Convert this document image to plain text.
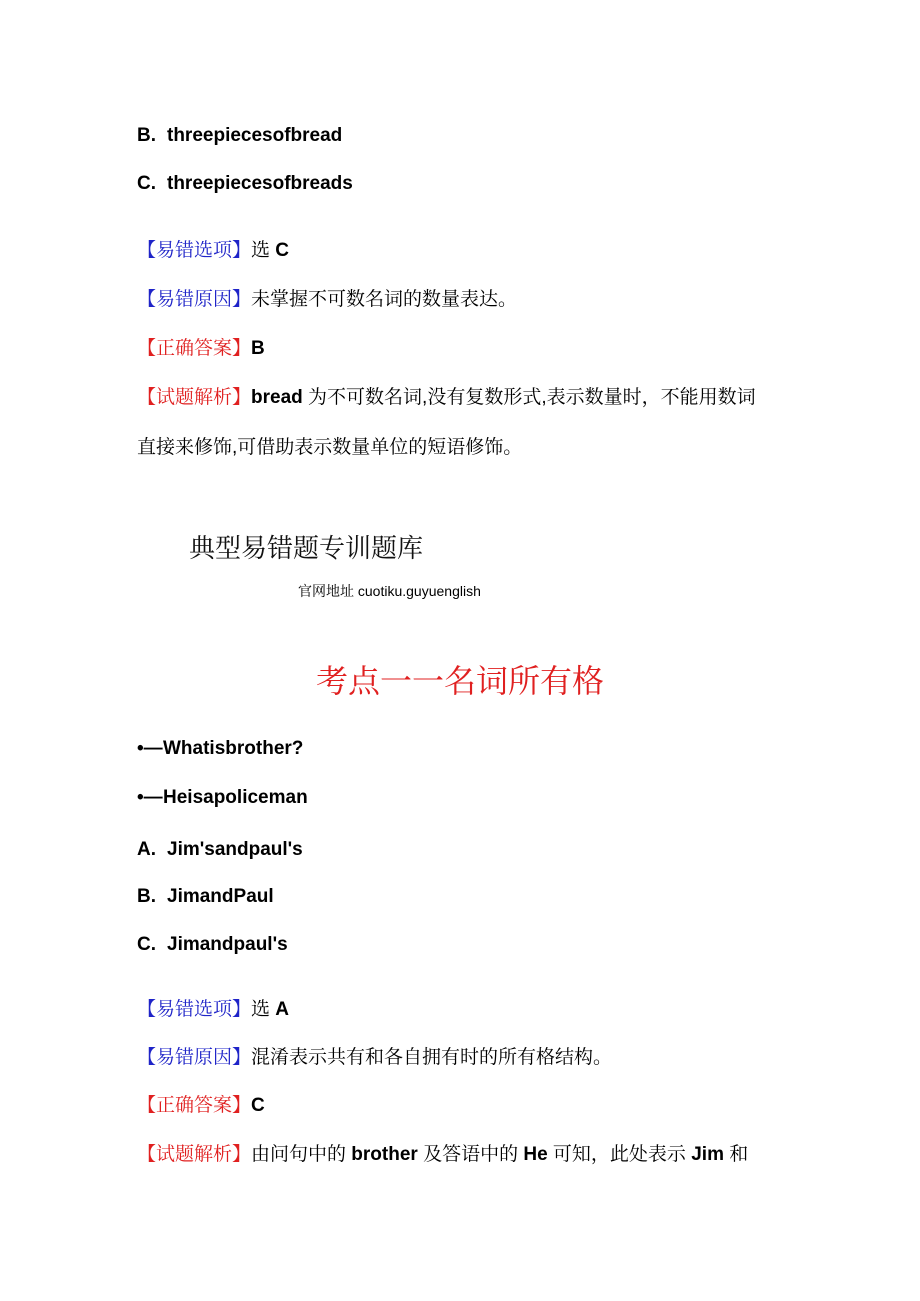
B. threepiecesofbread
C. threepiecesofbreads
【易错选项】选 C
【易错原因】未掌握不可数名词的数量表达。
【正确答案】B
【试题解析】bread 为不可数名词,没有复数形式,表示数量时，不能用数词
直接来修饰,可借助表示数量单位的短语修饰。
典型易错题专训题库
官网地址 cuotiku.guyuenglish
考点一一名词所有格
•—Whatisbrother?
•—Heisapoliceman
A. Jim'sandpaul's
B. JimandPaul
C. Jimandpaul's
【易错选项】选 A
【易错原因】混淆表示共有和各自拥有时的所有格结构。
【正确答案】C
【试题解析】由问句中的 brother 及答语中的 He 可知，此处表示 Jim 和
